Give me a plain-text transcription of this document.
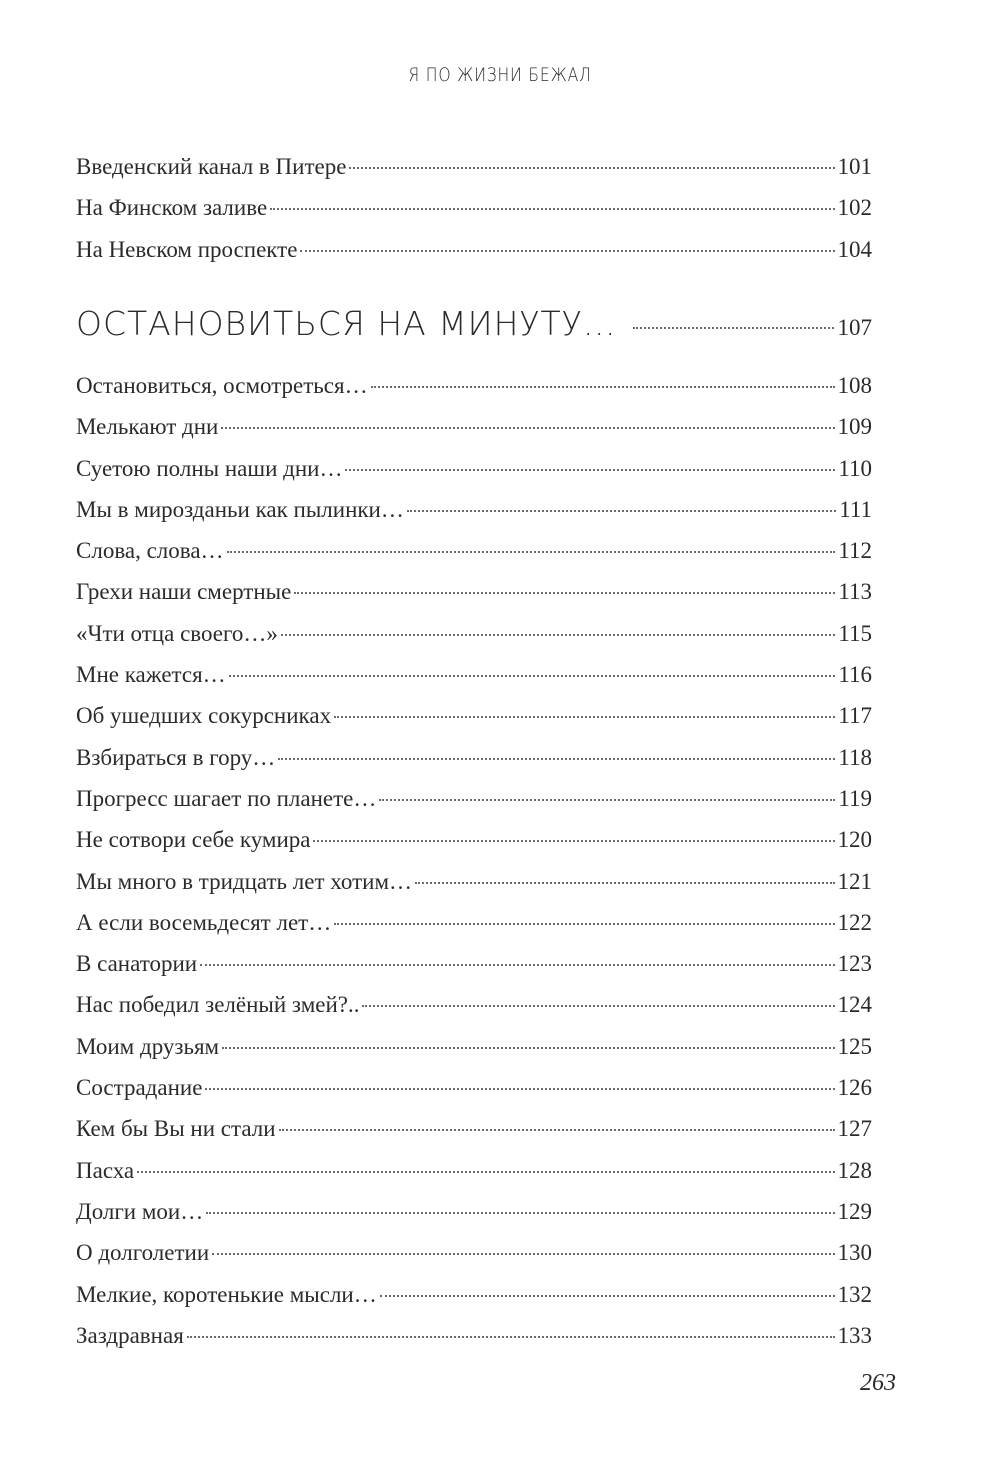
Я ПО ЖИЗНИ БЕЖАЛ
Введенский канал в Питере	101
На Финском заливе	102
На Невском проспекте	104
ОСТАНОВИТЬСЯ НА МИНУТУ…	107
Остановиться, осмотреться…	108
Мелькают дни	109
Суетою полны наши дни…	110
Мы в мирозданьи как пылинки…	111
Слова, слова…	112
Грехи наши смертные	113
«Чти отца своего…»	115
Мне кажется…	116
Об ушедших сокурсниках	117
Взбираться в гору…	118
Прогресс шагает по планете…	119
Не сотвори себе кумира	120
Мы много в тридцать лет хотим…	121
А если восемьдесят лет…	122
В санатории	123
Нас победил зелёный змей?..	124
Моим друзьям	125
Сострадание	126
Кем бы Вы ни стали	127
Пасха	128
Долги мои…	129
О долголетии	130
Мелкие, коротенькие мысли…	132
Заздравная	133
263
